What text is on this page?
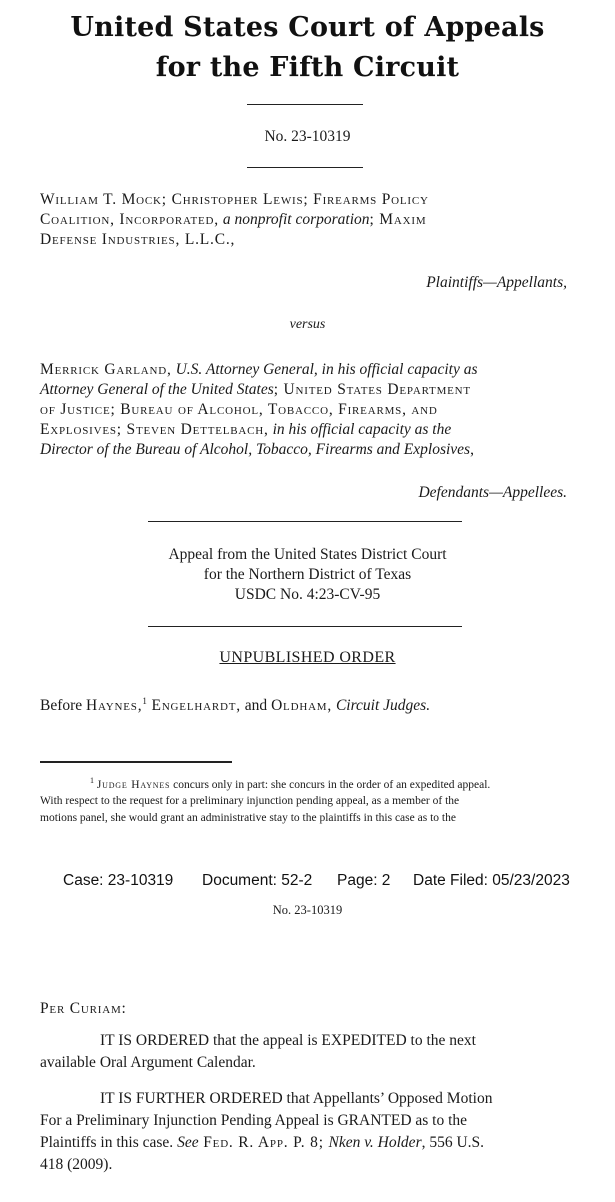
United States Court of Appeals
for the Fifth Circuit
No. 23-10319
William T. Mock; Christopher Lewis; Firearms Policy
Coalition, Incorporated, a nonprofit corporation; Maxim
Defense Industries, L.L.C.,
Plaintiffs—Appellants,
versus
Merrick Garland, U.S. Attorney General, in his official capacity as
Attorney General of the United States; United States Department
of Justice; Bureau of Alcohol, Tobacco, Firearms, and
Explosives; Steven Dettelbach, in his official capacity as the
Director of the Bureau of Alcohol, Tobacco, Firearms and Explosives,
Defendants—Appellees.
Appeal from the United States District Court
for the Northern District of Texas
USDC No. 4:23-CV-95
UNPUBLISHED ORDER
Before Haynes,$^1$ Engelhardt, and Oldham, Circuit Judges.
$^1$ Judge Haynes concurs only in part: she concurs in the order of an expedited appeal.
With respect to the request for a preliminary injunction pending appeal, as a member of the
motions panel, she would grant an administrative stay to the plaintiffs in this case as to the
Case: 23-10319 Document: 52-2 Page: 2 Date Filed: 05/23/2023
No. 23-10319
Per Curiam:
IT IS ORDERED that the appeal is EXPEDITED to the next
available Oral Argument Calendar.
IT IS FURTHER ORDERED that Appellants’ Opposed Motion
For a Preliminary Injunction Pending Appeal is GRANTED as to the
Plaintiffs in this case. See Fed. R. App. P. 8; Nken v. Holder, 556 U.S.
418 (2009).
